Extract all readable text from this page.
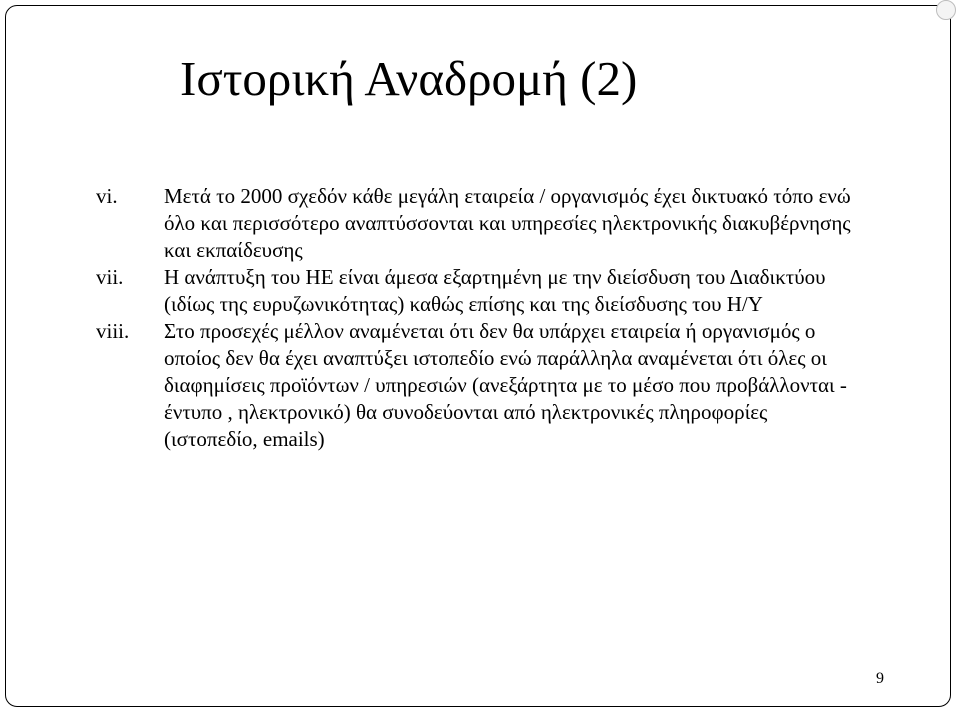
Ιστορική Αναδρομή (2)
vi. Μετά το 2000 σχεδόν κάθε μεγάλη εταιρεία / οργανισμός έχει δικτυακό τόπο ενώ όλο και περισσότερο αναπτύσσονται και υπηρεσίες ηλεκτρονικής διακυβέρνησης και εκπαίδευσης
vii. Η ανάπτυξη του ΗΕ είναι άμεσα εξαρτημένη με την διείσδυση του Διαδικτύου (ιδίως της ευρυζωνικότητας) καθώς επίσης και της διείσδυσης του Η/Υ
viii. Στο προσεχές μέλλον αναμένεται ότι δεν θα υπάρχει εταιρεία ή οργανισμός ο οποίος δεν θα έχει αναπτύξει ιστοπεδίο ενώ παράλληλα αναμένεται ότι όλες οι διαφημίσεις προϊόντων / υπηρεσιών (ανεξάρτητα με το μέσο που προβάλλονται - έντυπο , ηλεκτρονικό) θα συνοδεύονται από ηλεκτρονικές πληροφορίες (ιστοπεδίο, emails)
9
